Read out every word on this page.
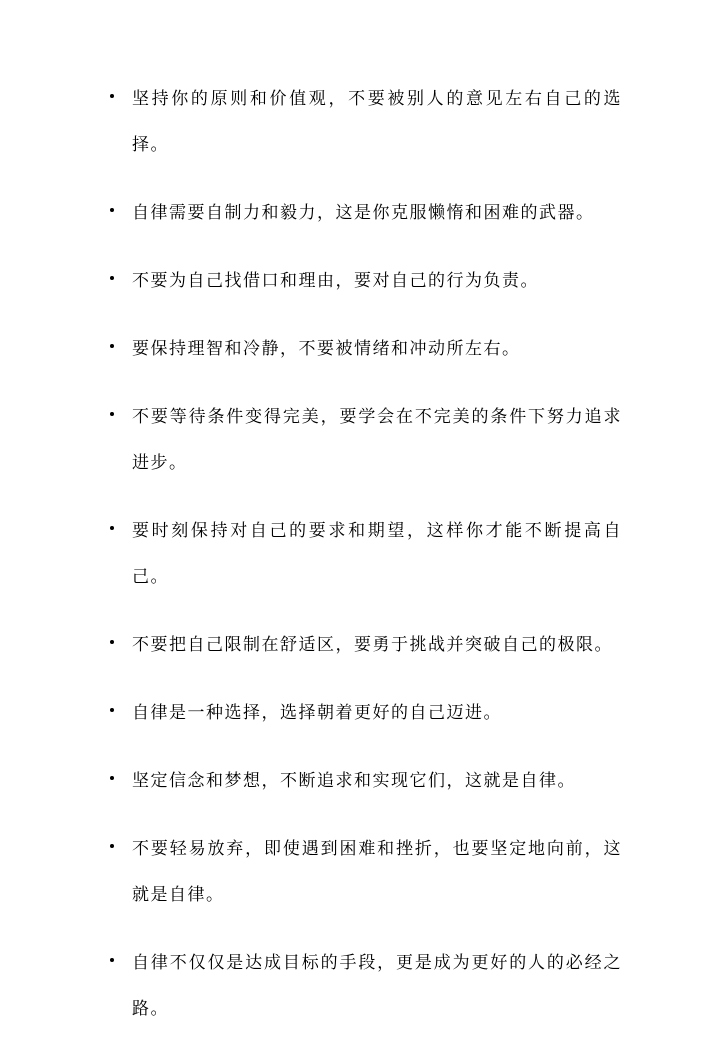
坚持你的原则和价值观，不要被别人的意见左右自己的选择。
自律需要自制力和毅力，这是你克服懒惰和困难的武器。
不要为自己找借口和理由，要对自己的行为负责。
要保持理智和冷静，不要被情绪和冲动所左右。
不要等待条件变得完美，要学会在不完美的条件下努力追求进步。
要时刻保持对自己的要求和期望，这样你才能不断提高自己。
不要把自己限制在舒适区，要勇于挑战并突破自己的极限。
自律是一种选择，选择朝着更好的自己迈进。
坚定信念和梦想，不断追求和实现它们，这就是自律。
不要轻易放弃，即使遇到困难和挫折，也要坚定地向前，这就是自律。
自律不仅仅是达成目标的手段，更是成为更好的人的必经之路。
